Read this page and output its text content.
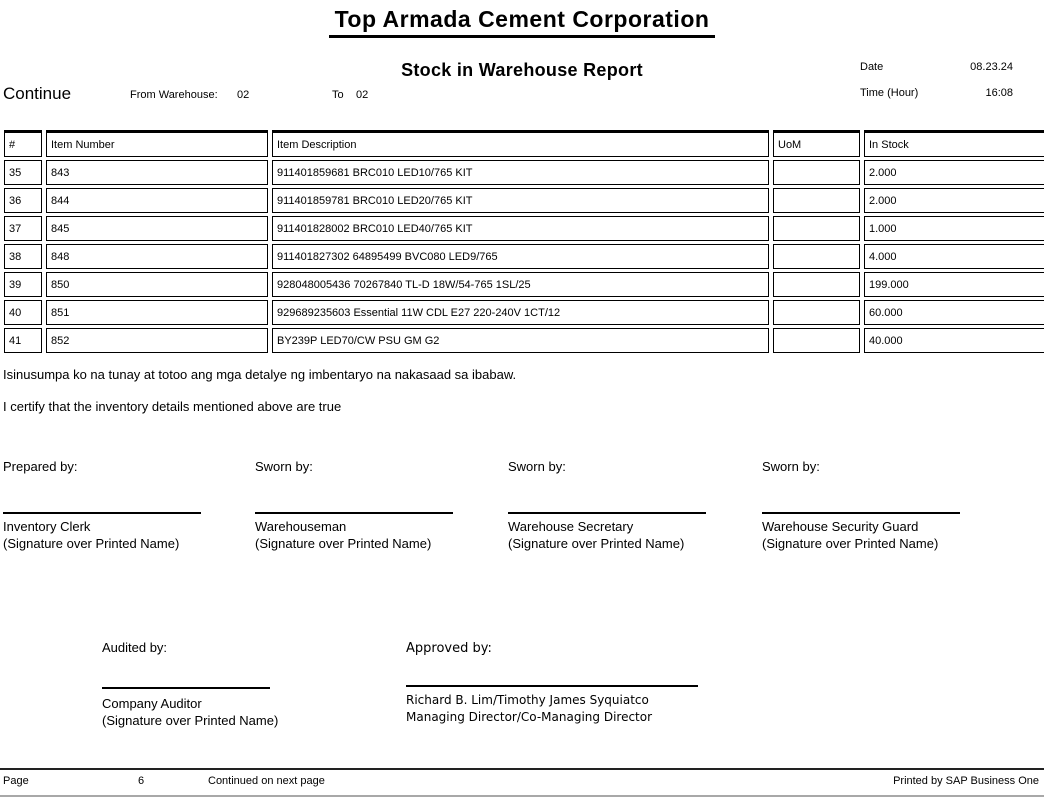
Top Armada Cement Corporation
Stock in Warehouse Report	Date	08.23.24
Time (Hour)	16:08
Continue	From Warehouse: 02	To 02
#	Item Number	Item Description	UoM	In Stock
35	843	911401859681 BRC010 LED10/765 KIT		2.000
36	844	911401859781 BRC010 LED20/765 KIT		2.000
37	845	911401828002 BRC010 LED40/765 KIT		1.000
38	848	911401827302 64895499 BVC080 LED9/765		4.000
39	850	928048005436 70267840 TL-D 18W/54-765 1SL/25		199.000
40	851	929689235603 Essential 11W CDL E27 220-240V 1CT/12		60.000
41	852	BY239P LED70/CW PSU GM G2		40.000
Isinusumpa ko na tunay at totoo ang mga detalye ng imbentaryo na nakasaad sa ibabaw.
I certify that the inventory details mentioned above are true
Prepared by:
Inventory Clerk
(Signature over Printed Name)
Sworn by:
Warehouseman
(Signature over Printed Name)
Sworn by:
Warehouse Secretary
(Signature over Printed Name)
Sworn by:
Warehouse Security Guard
(Signature over Printed Name)
Audited by:
Company Auditor
(Signature over Printed Name)
Approved by:
Richard B. Lim/Timothy James Syquiatco
Managing Director/Co-Managing Director
Page	6	Continued on next page	Printed by SAP Business One
